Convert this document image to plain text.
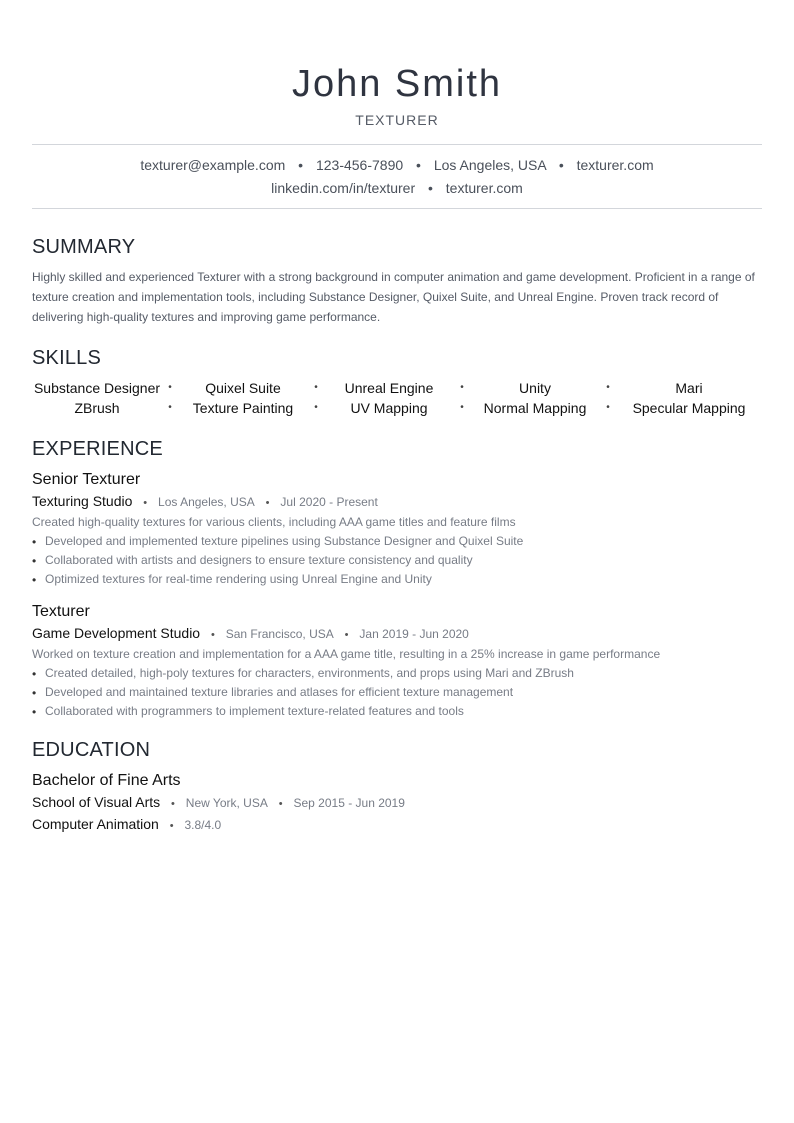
John Smith
TEXTURER
texturer@example.com • 123-456-7890 • Los Angeles, USA • texturer.com
linkedin.com/in/texturer • texturer.com
SUMMARY
Highly skilled and experienced Texturer with a strong background in computer animation and game development. Proficient in a range of texture creation and implementation tools, including Substance Designer, Quixel Suite, and Unreal Engine. Proven track record of delivering high-quality textures and improving game performance.
SKILLS
Substance Designer •	Quixel Suite	•	Unreal Engine	•	Unity	•	Mari
ZBrush	•	Texture Painting	•	UV Mapping	•	Normal Mapping	•	Specular Mapping
EXPERIENCE
Senior Texturer
Texturing Studio • Los Angeles, USA • Jul 2020 - Present
Created high-quality textures for various clients, including AAA game titles and feature films
• Developed and implemented texture pipelines using Substance Designer and Quixel Suite
• Collaborated with artists and designers to ensure texture consistency and quality
• Optimized textures for real-time rendering using Unreal Engine and Unity
Texturer
Game Development Studio • San Francisco, USA • Jan 2019 - Jun 2020
Worked on texture creation and implementation for a AAA game title, resulting in a 25% increase in game performance
• Created detailed, high-poly textures for characters, environments, and props using Mari and ZBrush
• Developed and maintained texture libraries and atlases for efficient texture management
• Collaborated with programmers to implement texture-related features and tools
EDUCATION
Bachelor of Fine Arts
School of Visual Arts • New York, USA • Sep 2015 - Jun 2019
Computer Animation • 3.8/4.0
